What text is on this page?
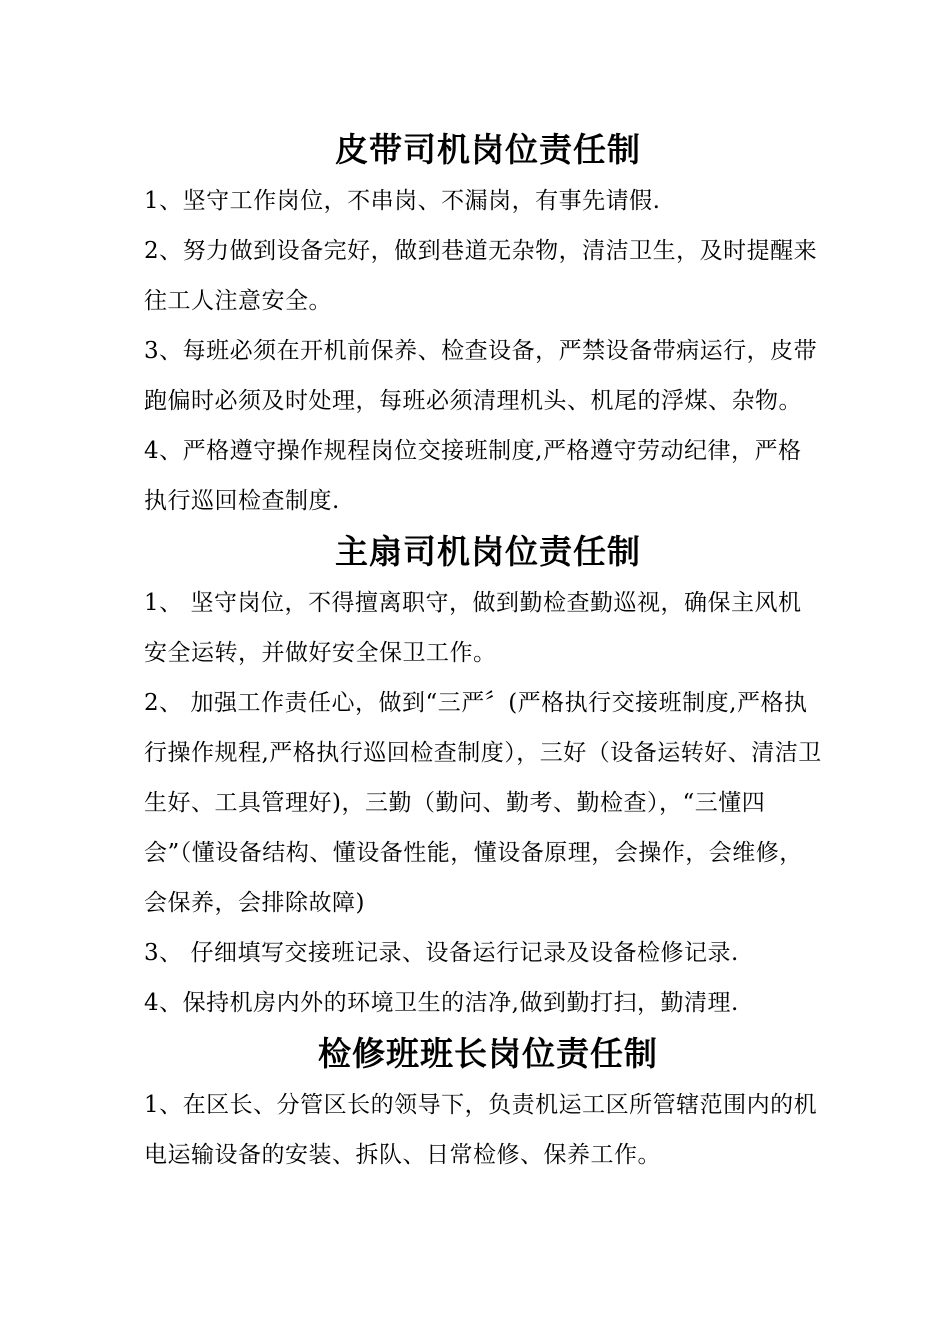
皮带司机岗位责任制

1、坚守工作岗位，不串岗、不漏岗，有事先请假.

2、努力做到设备完好，做到巷道无杂物，清洁卫生，及时提醒来往工人注意安全。

3、每班必须在开机前保养、检查设备，严禁设备带病运行，皮带跑偏时必须及时处理，每班必须清理机头、机尾的浮煤、杂物。

4、严格遵守操作规程岗位交接班制度,严格遵守劳动纪律，严格执行巡回检查制度.

主扇司机岗位责任制

1、 坚守岗位，不得擅离职守，做到勤检查勤巡视，确保主风机安全运转，并做好安全保卫工作。

2、 加强工作责任心，做到“三严〞(严格执行交接班制度,严格执行操作规程,严格执行巡回检查制度），三好（设备运转好、清洁卫生好、工具管理好)，三勤（勤问、勤考、勤检查），“三懂四会”（懂设备结构、懂设备性能，懂设备原理，会操作，会维修，会保养，会排除故障)

3、 仔细填写交接班记录、设备运行记录及设备检修记录.

4、保持机房内外的环境卫生的洁净,做到勤打扫，勤清理.

检修班班长岗位责任制

1、在区长、分管区长的领导下，负责机运工区所管辖范围内的机电运输设备的安装、拆队、日常检修、保养工作。
